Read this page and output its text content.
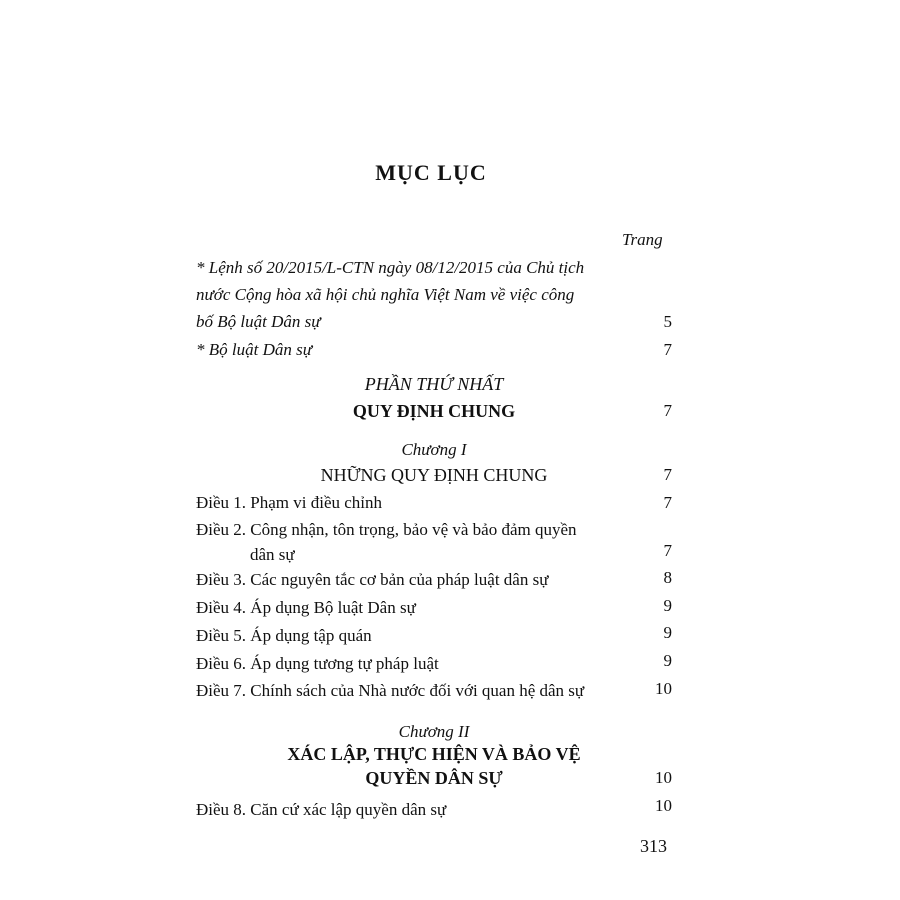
MỤC LỤC
Trang
* Lệnh số 20/2015/L-CTN ngày 08/12/2015 của Chủ tịch
nước Cộng hòa xã hội chủ nghĩa Việt Nam về việc công
bố Bộ luật Dân sự	5
* Bộ luật Dân sự	7
PHẦN THỨ NHẤT
QUY ĐỊNH CHUNG	7
Chương I
NHỮNG QUY ĐỊNH CHUNG	7
Điều 1. Phạm vi điều chỉnh	7
Điều 2. Công nhận, tôn trọng, bảo vệ và bảo đảm quyền
dân sự	7
Điều 3. Các nguyên tắc cơ bản của pháp luật dân sự	8
Điều 4. Áp dụng Bộ luật Dân sự	9
Điều 5. Áp dụng tập quán	9
Điều 6. Áp dụng tương tự pháp luật	9
Điều 7. Chính sách của Nhà nước đối với quan hệ dân sự	10
Chương II
XÁC LẬP, THỰC HIỆN VÀ BẢO VỆ
QUYỀN DÂN SỰ	10
Điều 8. Căn cứ xác lập quyền dân sự	10
313
